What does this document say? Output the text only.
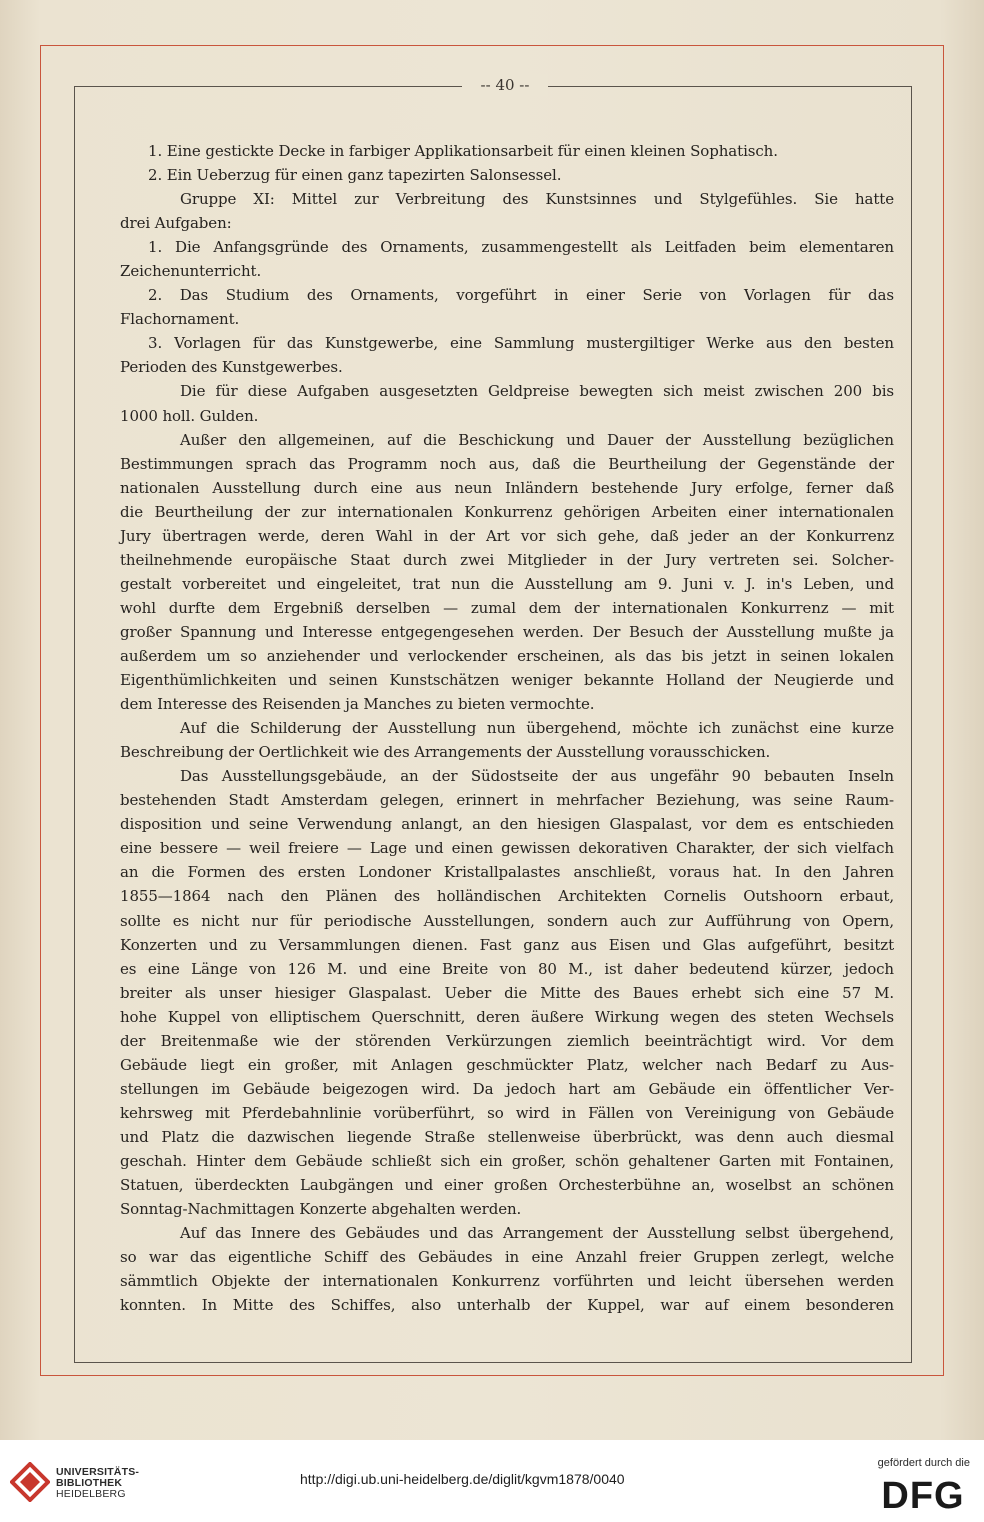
-- 40 --
1. Eine gestickte Decke in farbiger Applikationsarbeit für einen kleinen Sophatisch.
2. Ein Ueberzug für einen ganz tapezirten Salonsessel.
Gruppe XI: Mittel zur Verbreitung des Kunstsinnes und Stylgefühles. Sie hatte
drei Aufgaben:
1. Die Anfangsgründe des Ornaments, zusammengestellt als Leitfaden beim elementaren
Zeichenunterricht.
2. Das Studium des Ornaments, vorgeführt in einer Serie von Vorlagen für das
Flachornament.
3. Vorlagen für das Kunstgewerbe, eine Sammlung mustergiltiger Werke aus den besten
Perioden des Kunstgewerbes.
Die für diese Aufgaben ausgesetzten Geldpreise bewegten sich meist zwischen 200 bis
1000 holl. Gulden.
Außer den allgemeinen, auf die Beschickung und Dauer der Ausstellung bezüglichen
Bestimmungen sprach das Programm noch aus, daß die Beurtheilung der Gegenstände der
nationalen Ausstellung durch eine aus neun Inländern bestehende Jury erfolge, ferner daß
die Beurtheilung der zur internationalen Konkurrenz gehörigen Arbeiten einer internationalen
Jury übertragen werde, deren Wahl in der Art vor sich gehe, daß jeder an der Konkurrenz
theilnehmende europäische Staat durch zwei Mitglieder in der Jury vertreten sei. Solcher-
gestalt vorbereitet und eingeleitet, trat nun die Ausstellung am 9. Juni v. J. in's Leben, und
wohl durfte dem Ergebniß derselben — zumal dem der internationalen Konkurrenz — mit
großer Spannung und Interesse entgegengesehen werden. Der Besuch der Ausstellung mußte ja
außerdem um so anziehender und verlockender erscheinen, als das bis jetzt in seinen lokalen
Eigenthümlichkeiten und seinen Kunstschätzen weniger bekannte Holland der Neugierde und
dem Interesse des Reisenden ja Manches zu bieten vermochte.
Auf die Schilderung der Ausstellung nun übergehend, möchte ich zunächst eine kurze
Beschreibung der Oertlichkeit wie des Arrangements der Ausstellung vorausschicken.
Das Ausstellungsgebäude, an der Südostseite der aus ungefähr 90 bebauten Inseln
bestehenden Stadt Amsterdam gelegen, erinnert in mehrfacher Beziehung, was seine Raum-
disposition und seine Verwendung anlangt, an den hiesigen Glaspalast, vor dem es entschieden
eine bessere — weil freiere — Lage und einen gewissen dekorativen Charakter, der sich vielfach
an die Formen des ersten Londoner Kristallpalastes anschließt, voraus hat. In den Jahren
1855—1864 nach den Plänen des holländischen Architekten Cornelis Outshoorn erbaut,
sollte es nicht nur für periodische Ausstellungen, sondern auch zur Aufführung von Opern,
Konzerten und zu Versammlungen dienen. Fast ganz aus Eisen und Glas aufgeführt, besitzt
es eine Länge von 126 M. und eine Breite von 80 M., ist daher bedeutend kürzer, jedoch
breiter als unser hiesiger Glaspalast. Ueber die Mitte des Baues erhebt sich eine 57 M.
hohe Kuppel von elliptischem Querschnitt, deren äußere Wirkung wegen des steten Wechsels
der Breitenmaße wie der störenden Verkürzungen ziemlich beeinträchtigt wird. Vor dem
Gebäude liegt ein großer, mit Anlagen geschmückter Platz, welcher nach Bedarf zu Aus-
stellungen im Gebäude beigezogen wird. Da jedoch hart am Gebäude ein öffentlicher Ver-
kehrsweg mit Pferdebahnlinie vorüberführt, so wird in Fällen von Vereinigung von Gebäude
und Platz die dazwischen liegende Straße stellenweise überbrückt, was denn auch diesmal
geschah. Hinter dem Gebäude schließt sich ein großer, schön gehaltener Garten mit Fontainen,
Statuen, überdeckten Laubgängen und einer großen Orchesterbühne an, woselbst an schönen
Sonntag-Nachmittagen Konzerte abgehalten werden.
Auf das Innere des Gebäudes und das Arrangement der Ausstellung selbst übergehend,
so war das eigentliche Schiff des Gebäudes in eine Anzahl freier Gruppen zerlegt, welche
sämmtlich Objekte der internationalen Konkurrenz vorführten und leicht übersehen werden
konnten. In Mitte des Schiffes, also unterhalb der Kuppel, war auf einem besonderen
UNIVERSITÄTS-
BIBLIOTHEK
HEIDELBERG
http://digi.ub.uni-heidelberg.de/diglit/kgvm1878/0040
gefördert durch die
DFG
